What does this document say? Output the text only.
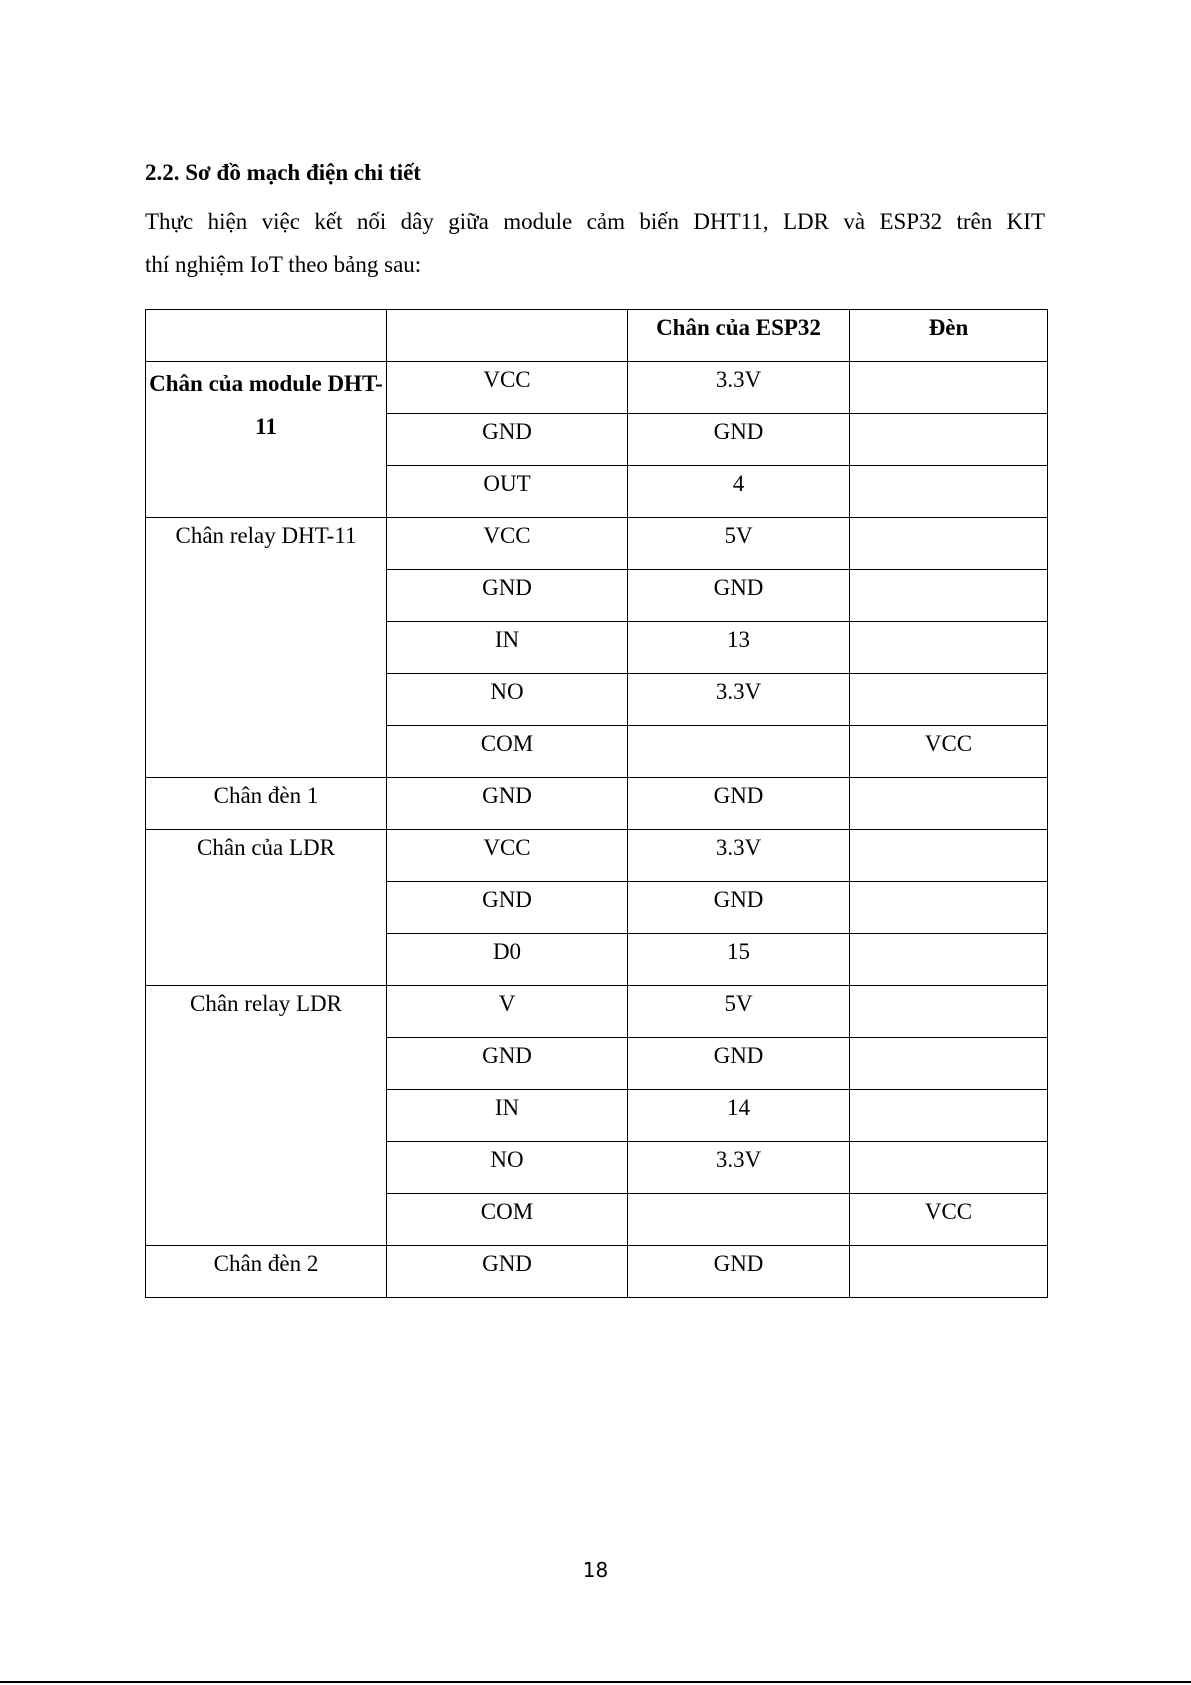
2.2. Sơ đồ mạch điện chi tiết

Thực hiện việc kết nối dây giữa module cảm biến DHT11, LDR và ESP32 trên KIT
thí nghiệm IoT theo bảng sau:

		Chân của ESP32	Đèn
Chân của module DHT-11	VCC	3.3V	
	GND	GND	
	OUT	4	
Chân relay DHT-11	VCC	5V	
	GND	GND	
	IN	13	
	NO	3.3V	
	COM		VCC
Chân đèn 1	GND	GND	
Chân của LDR	VCC	3.3V	
	GND	GND	
	D0	15	
Chân relay LDR	V	5V	
	GND	GND	
	IN	14	
	NO	3.3V	
	COM		VCC
Chân đèn 2	GND	GND	
18
